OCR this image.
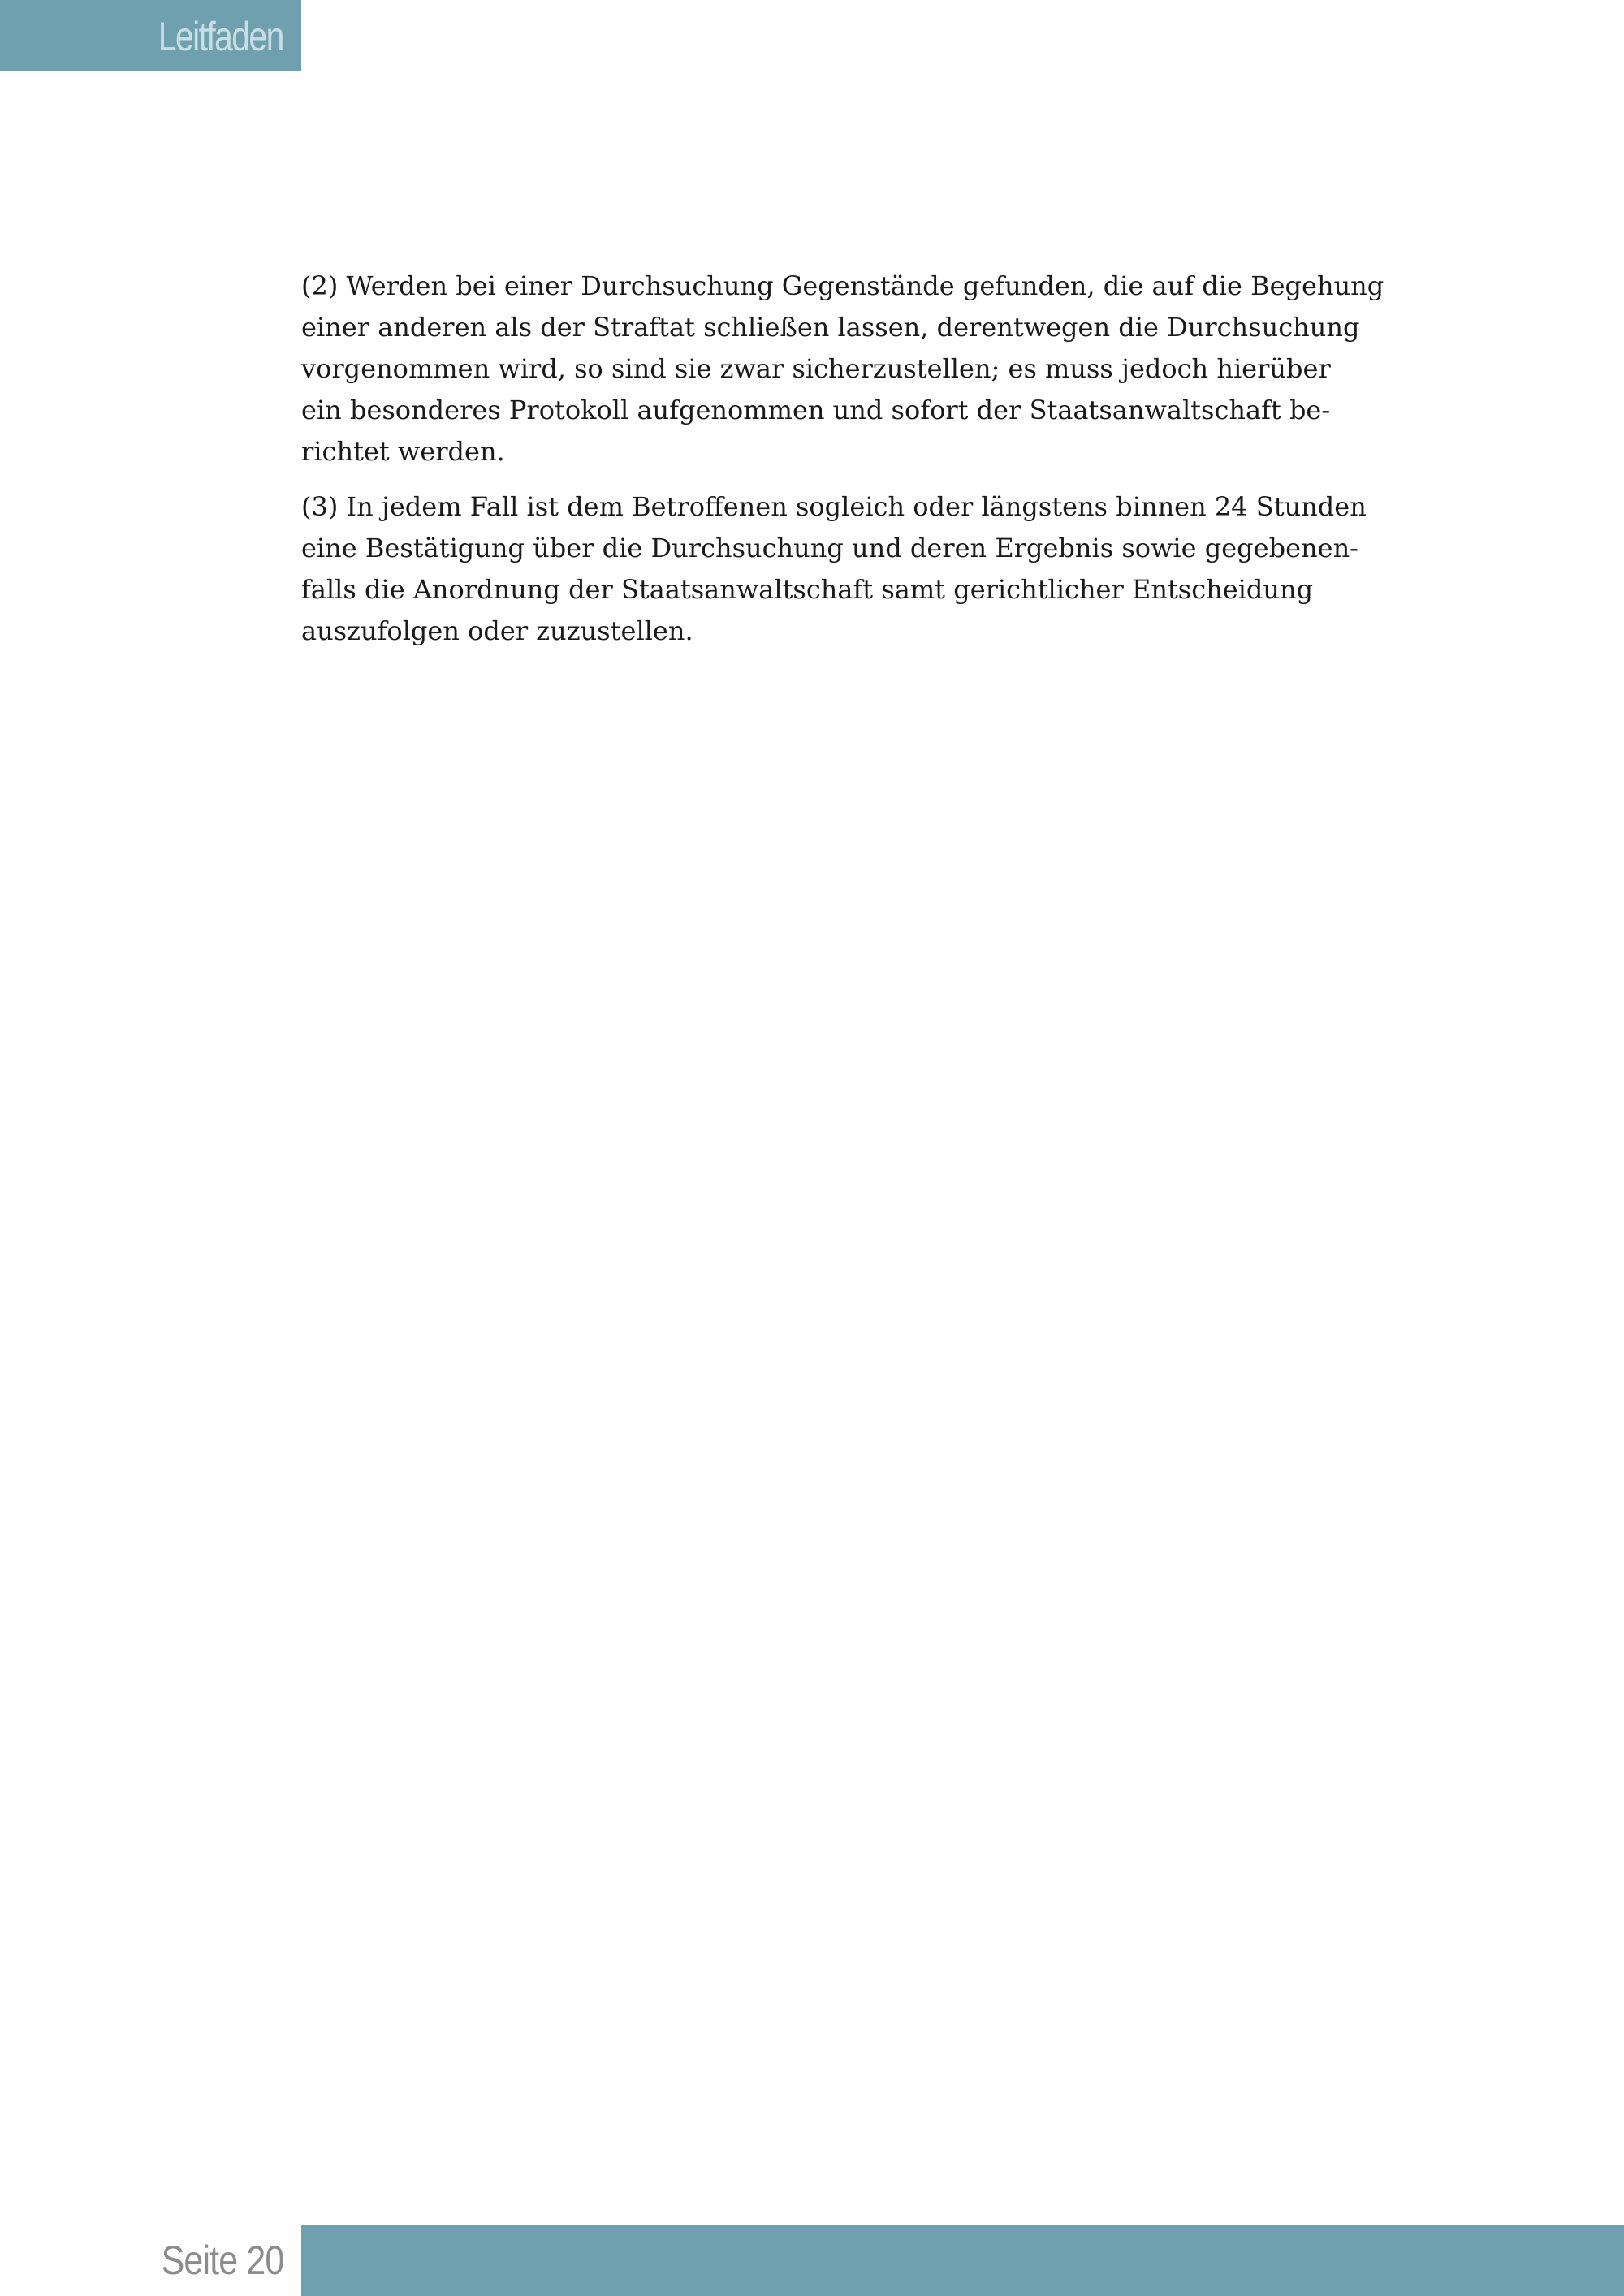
Leitfaden

(2) Werden bei einer Durchsuchung Gegenstände gefunden, die auf die Begehung
einer anderen als der Straftat schließen lassen, derentwegen die Durchsuchung
vorgenommen wird, so sind sie zwar sicherzustellen; es muss jedoch hierüber
ein besonderes Protokoll aufgenommen und sofort der Staatsanwaltschaft be-
richtet werden.

(3) In jedem Fall ist dem Betroffenen sogleich oder längstens binnen 24 Stunden
eine Bestätigung über die Durchsuchung und deren Ergebnis sowie gegebenen-
falls die Anordnung der Staatsanwaltschaft samt gerichtlicher Entscheidung
auszufolgen oder zuzustellen.

Seite 20
